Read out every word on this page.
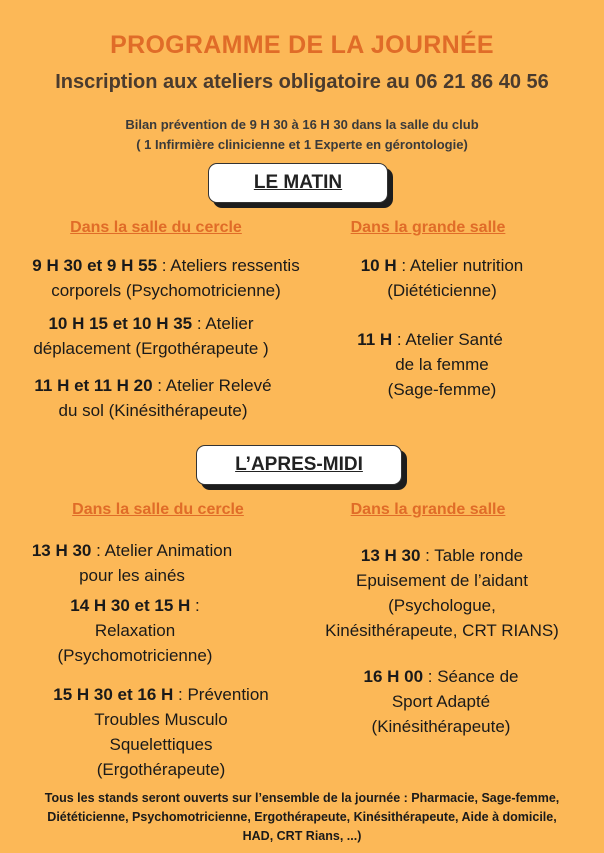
PROGRAMME DE LA JOURNÉE
Inscription aux ateliers obligatoire au 06 21 86 40 56
Bilan prévention de 9 H 30 à 16 H 30 dans la salle du club
( 1 Infirmière clinicienne et 1 Experte en gérontologie)
LE MATIN
Dans la salle du cercle	Dans la grande salle
9 H 30 et 9 H 55 : Ateliers ressentis
corporels (Psychomotricienne)
10 H 15 et 10 H 35 : Atelier
déplacement (Ergothérapeute )
11 H et 11 H 20 : Atelier Relevé
du sol (Kinésithérapeute)
10 H : Atelier nutrition
(Diététicienne)
11 H : Atelier Santé
de la femme
(Sage-femme)
L’APRES-MIDI
Dans la salle du cercle	Dans la grande salle
13 H 30 : Atelier Animation
pour les ainés
14 H 30 et 15 H :
Relaxation
(Psychomotricienne)
15 H 30 et 16 H : Prévention
Troubles Musculo
Squelettiques
(Ergothérapeute)
13 H 30 : Table ronde
Epuisement de l’aidant
(Psychologue,
Kinésithérapeute, CRT RIANS)
16 H 00 : Séance de
Sport Adapté
(Kinésithérapeute)
Tous les stands seront ouverts sur l’ensemble de la journée : Pharmacie, Sage-femme,
Diététicienne, Psychomotricienne, Ergothérapeute, Kinésithérapeute, Aide à domicile,
HAD, CRT Rians, ...)
